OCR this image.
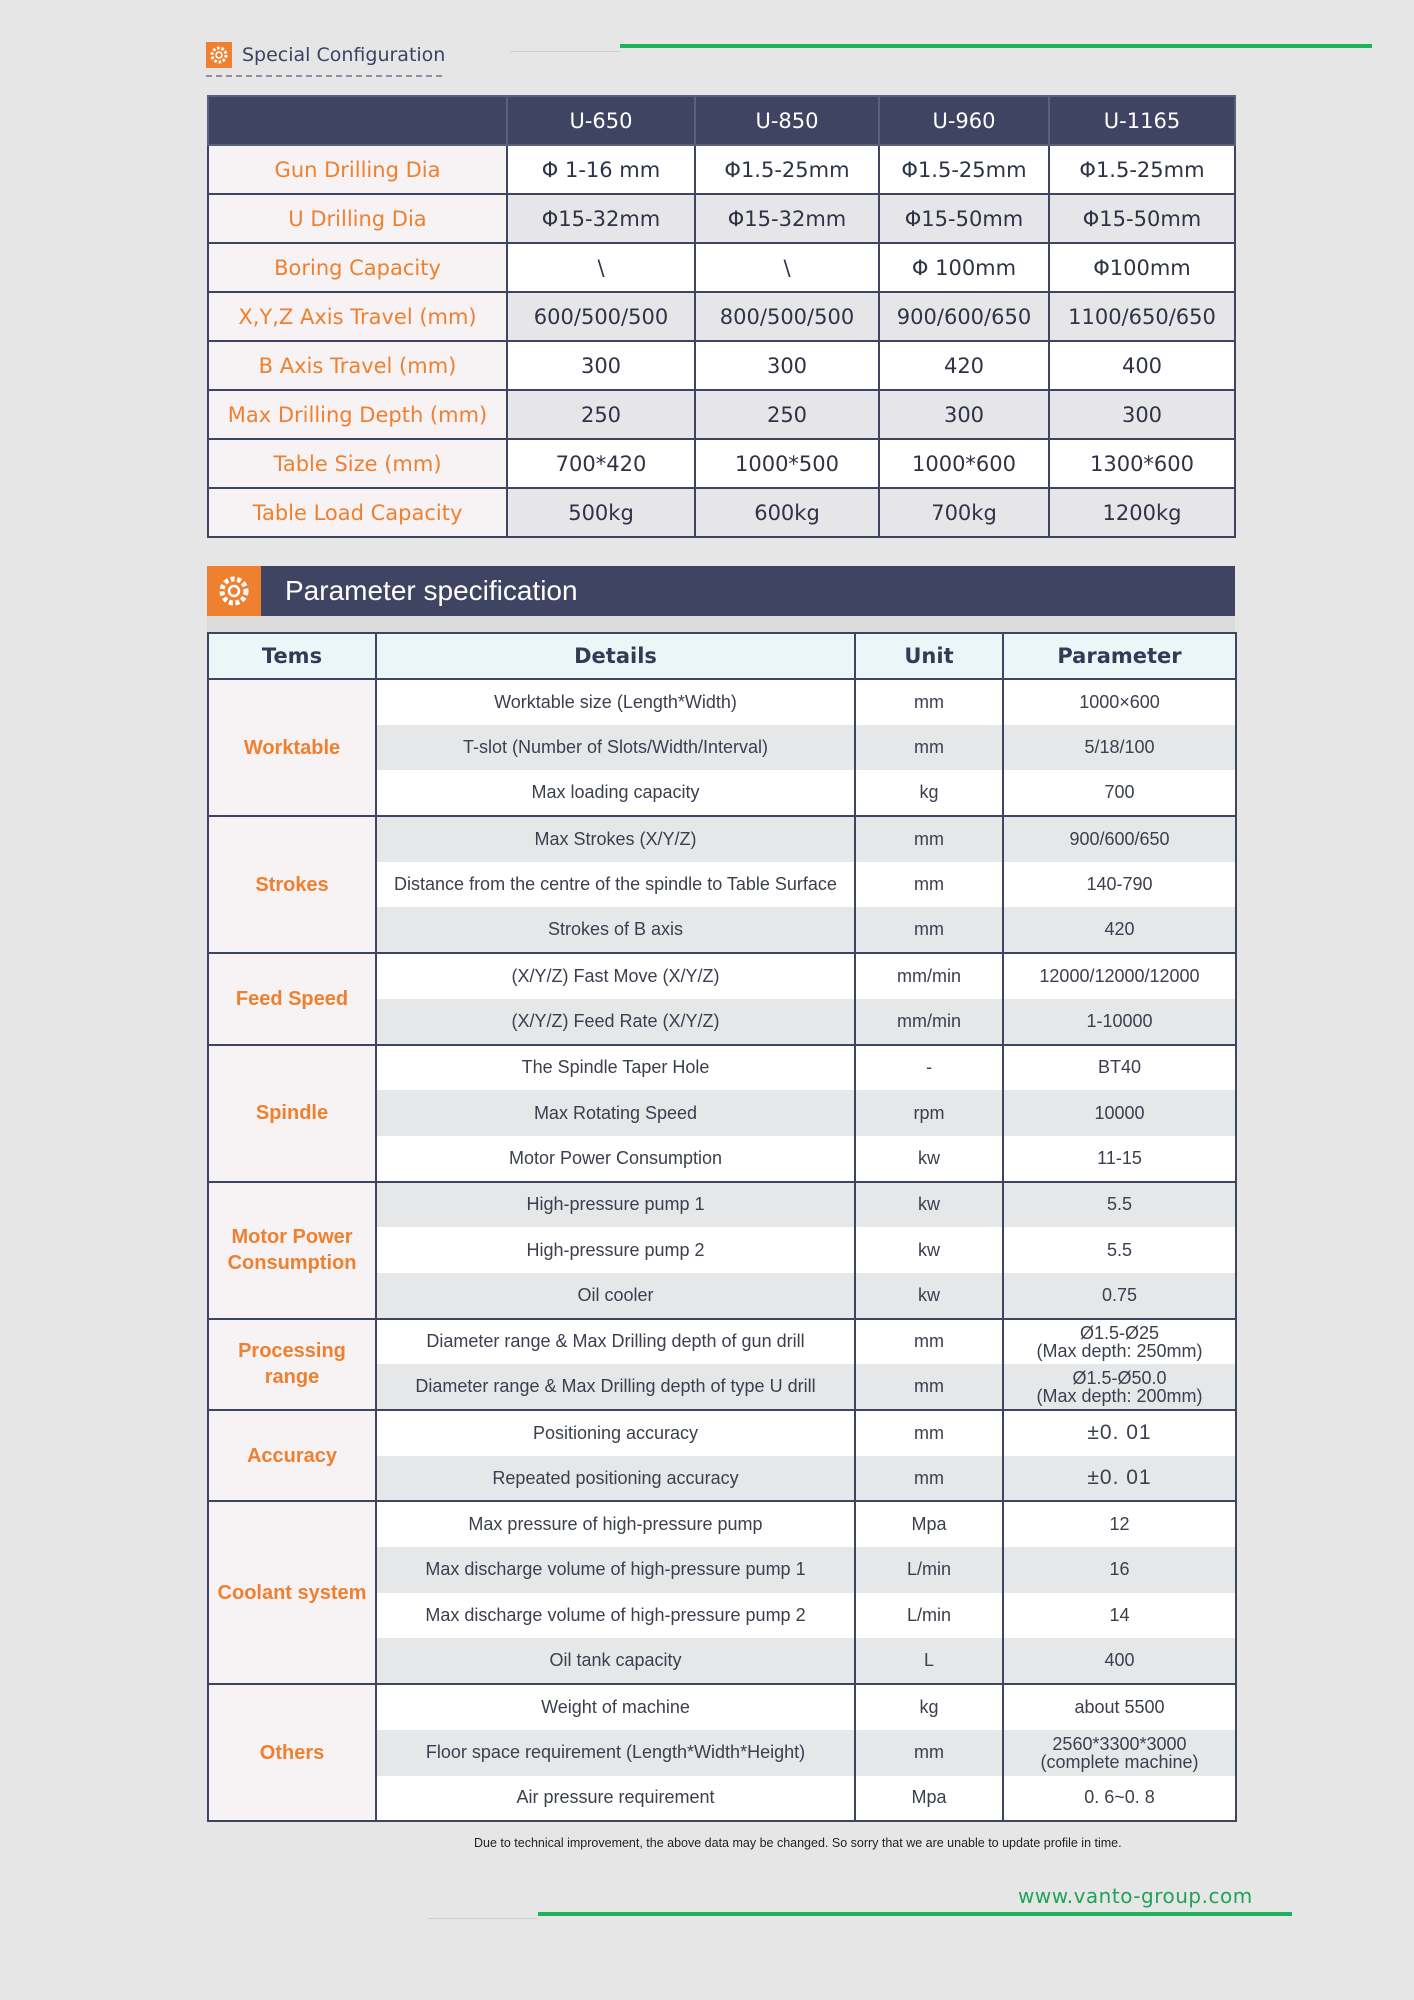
Special Configuration
	U-650	U-850	U-960	U-1165
Gun Drilling Dia	Φ 1-16 mm	Φ1.5-25mm	Φ1.5-25mm	Φ1.5-25mm
U Drilling Dia	Φ15-32mm	Φ15-32mm	Φ15-50mm	Φ15-50mm
Boring Capacity	\	\	Φ 100mm	Φ100mm
X,Y,Z Axis Travel (mm)	600/500/500	800/500/500	900/600/650	1100/650/650
B Axis Travel (mm)	300	300	420	400
Max Drilling Depth (mm)	250	250	300	300
Table Size (mm)	700*420	1000*500	1000*600	1300*600
Table Load Capacity	500kg	600kg	700kg	1200kg
Parameter specification
Tems	Details	Unit	Parameter
Worktable	Worktable size (Length*Width)	mm	1000×600
	T-slot (Number of Slots/Width/Interval)	mm	5/18/100
	Max loading capacity	kg	700
Strokes	Max Strokes (X/Y/Z)	mm	900/600/650
	Distance from the centre of the spindle to Table Surface	mm	140-790
	Strokes of B axis	mm	420
Feed Speed	(X/Y/Z) Fast Move (X/Y/Z)	mm/min	12000/12000/12000
	(X/Y/Z) Feed Rate (X/Y/Z)	mm/min	1-10000
Spindle	The Spindle Taper Hole	-	BT40
	Max Rotating Speed	rpm	10000
	Motor Power Consumption	kw	11-15
Motor Power Consumption	High-pressure pump 1	kw	5.5
	High-pressure pump 2	kw	5.5
	Oil cooler	kw	0.75
Processing range	Diameter range & Max Drilling depth of gun drill	mm	Ø1.5-Ø25
(Max depth: 250mm)

	Diameter range & Max Drilling depth of type U drill	mm	Ø1.5-Ø50.0
(Max depth: 200mm)

Accuracy	Positioning accuracy	mm	±0. 01
	Repeated positioning accuracy	mm	±0. 01
Coolant system	Max pressure of high-pressure pump	Mpa	12
	Max discharge volume of high-pressure pump 1	L/min	16
	Max discharge volume of high-pressure pump 2	L/min	14
	Oil tank capacity	L	400
Others	Weight of machine	kg	about 5500
	Floor space requirement (Length*Width*Height)	mm	2560*3300*3000
(complete machine)

	Air pressure requirement	Mpa	0. 6~0. 8
Due to technical improvement, the above data may be changed. So sorry that we are unable to update profile in time.
www.vanto-group.com
